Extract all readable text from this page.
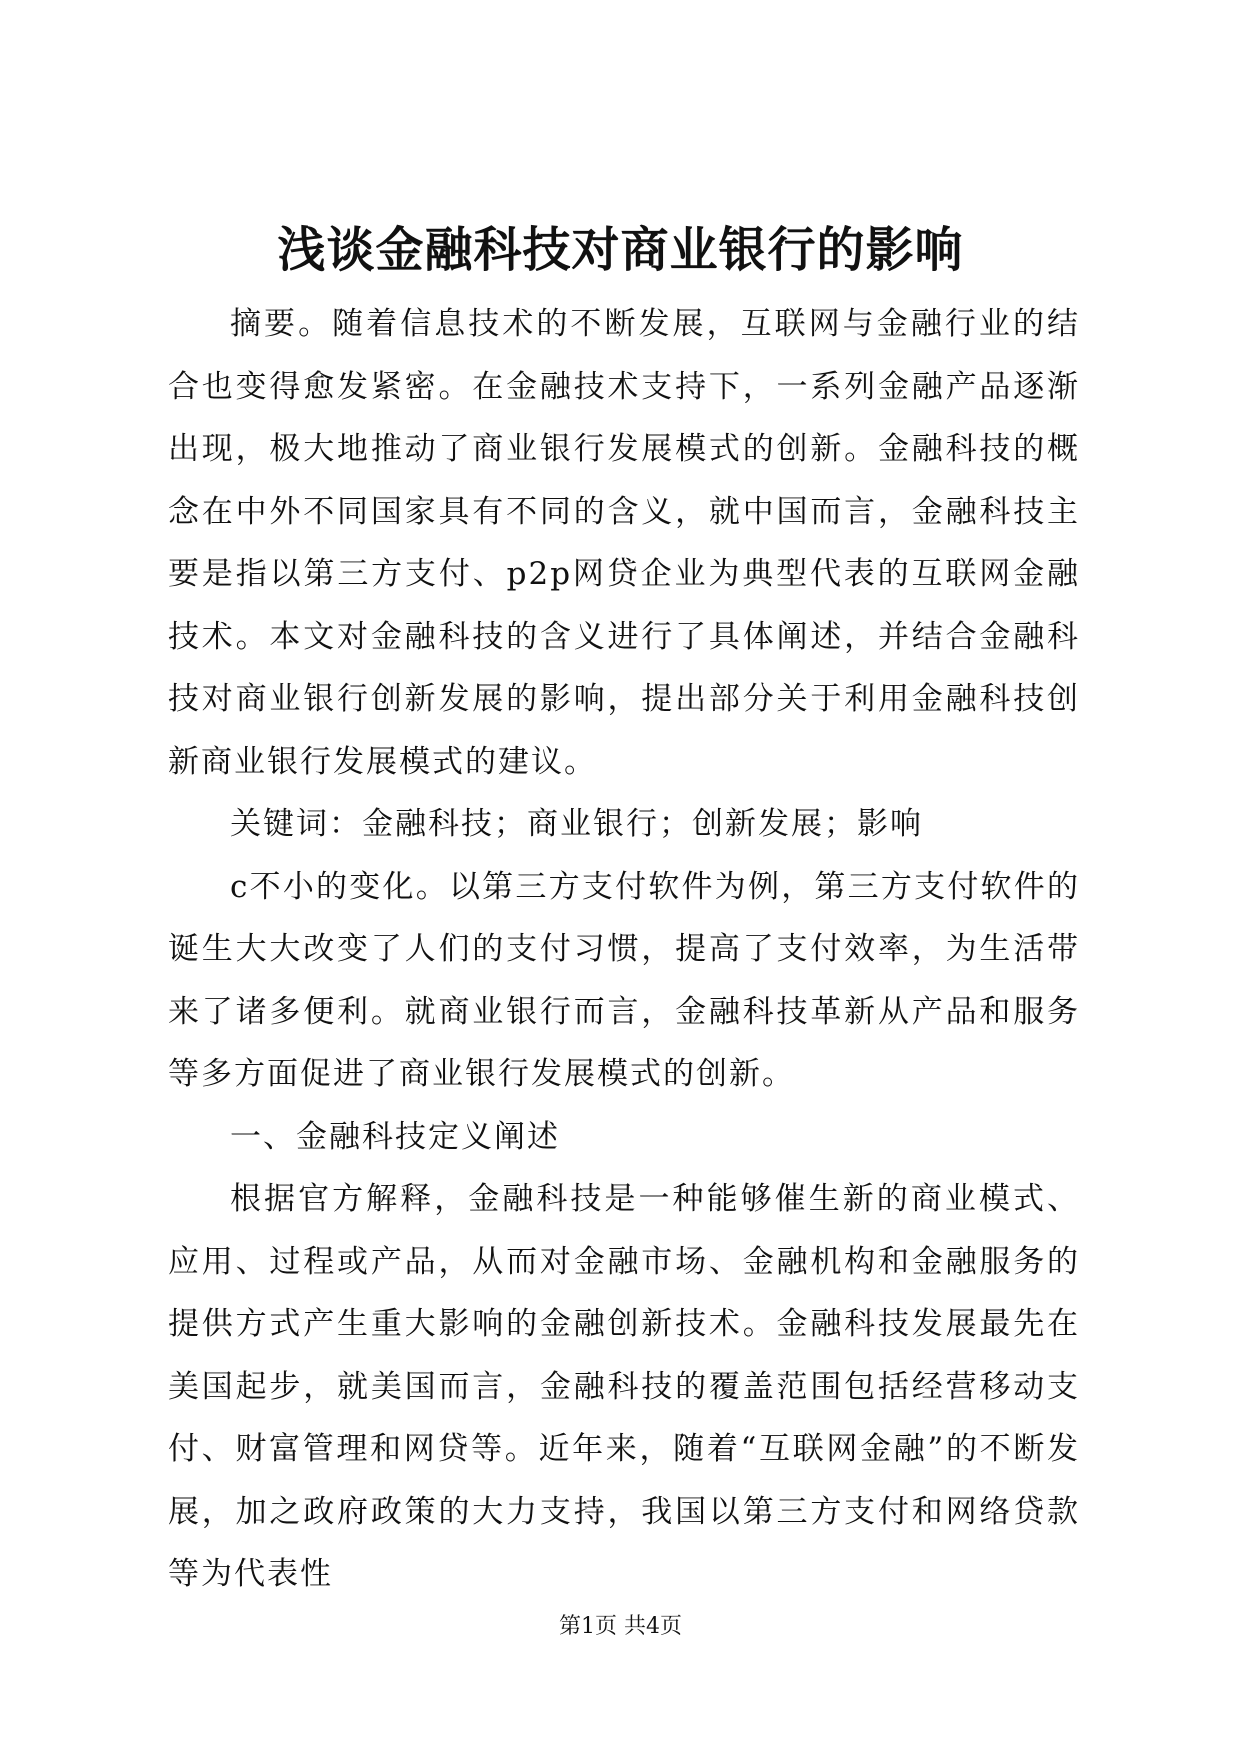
浅谈金融科技对商业银行的影响

摘要。随着信息技术的不断发展，互联网与金融行业的结合也变得愈发紧密。在金融技术支持下，一系列金融产品逐渐出现，极大地推动了商业银行发展模式的创新。金融科技的概念在中外不同国家具有不同的含义，就中国而言，金融科技主要是指以第三方支付、p2p网贷企业为典型代表的互联网金融技术。本文对金融科技的含义进行了具体阐述，并结合金融科技对商业银行创新发展的影响，提出部分关于利用金融科技创新商业银行发展模式的建议。

关键词：金融科技；商业银行；创新发展；影响

c不小的变化。以第三方支付软件为例，第三方支付软件的诞生大大改变了人们的支付习惯，提高了支付效率，为生活带来了诸多便利。就商业银行而言，金融科技革新从产品和服务等多方面促进了商业银行发展模式的创新。

一、金融科技定义阐述

根据官方解释，金融科技是一种能够催生新的商业模式、应用、过程或产品，从而对金融市场、金融机构和金融服务的提供方式产生重大影响的金融创新技术。金融科技发展最先在美国起步，就美国而言，金融科技的覆盖范围包括经营移动支付、财富管理和网贷等。近年来，随着“互联网金融”的不断发展，加之政府政策的大力支持，我国以第三方支付和网络贷款等为代表性

第1页 共4页
